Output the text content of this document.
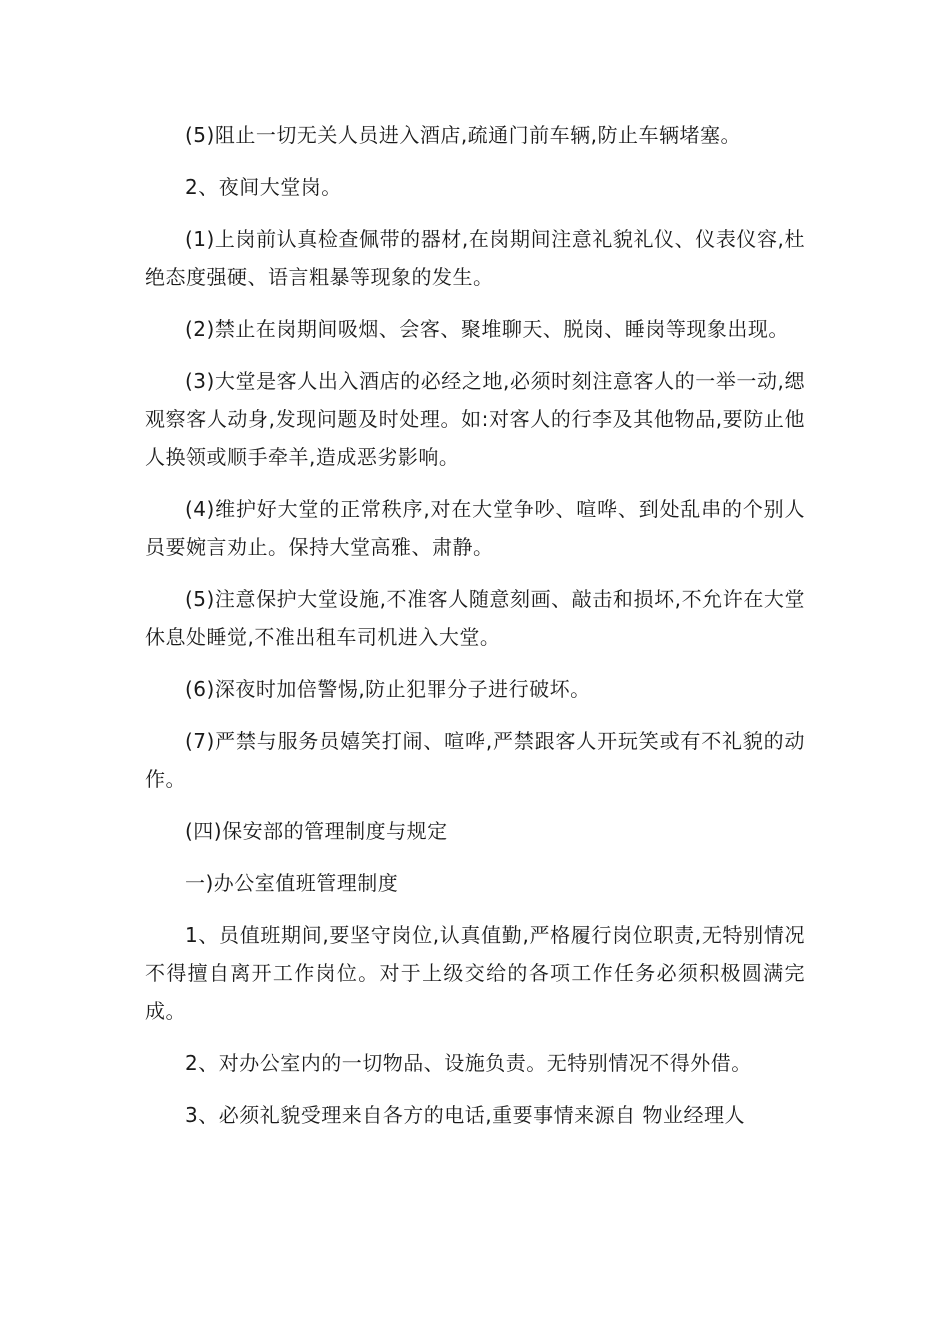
(5)阻止一切无关人员进入酒店,疏通门前车辆,防止车辆堵塞。

2、夜间大堂岗。

(1)上岗前认真检查佩带的器材,在岗期间注意礼貌礼仪、仪表仪容,杜绝态度强硬、语言粗暴等现象的发生。

(2)禁止在岗期间吸烟、会客、聚堆聊天、脱岗、睡岗等现象出现。

(3)大堂是客人出入酒店的必经之地,必须时刻注意客人的一举一动,缌观察客人动身,发现问题及时处理。如:对客人的行李及其他物品,要防止他人换领或顺手牵羊,造成恶劣影响。

(4)维护好大堂的正常秩序,对在大堂争吵、喧哗、到处乱串的个别人员要婉言劝止。保持大堂高雅、肃静。

(5)注意保护大堂设施,不准客人随意刻画、敲击和损坏,不允许在大堂休息处睡觉,不准出租车司机进入大堂。

(6)深夜时加倍警惕,防止犯罪分子进行破坏。

(7)严禁与服务员嬉笑打闹、喧哗,严禁跟客人开玩笑或有不礼貌的动作。

(四)保安部的管理制度与规定

一)办公室值班管理制度

1、员值班期间,要坚守岗位,认真值勤,严格履行岗位职责,无特别情况不得擅自离开工作岗位。对于上级交给的各项工作任务必须积极圆满完成。

2、对办公室内的一切物品、设施负责。无特别情况不得外借。

3、必须礼貌受理来自各方的电话,重要事情来源自 物业经理人
